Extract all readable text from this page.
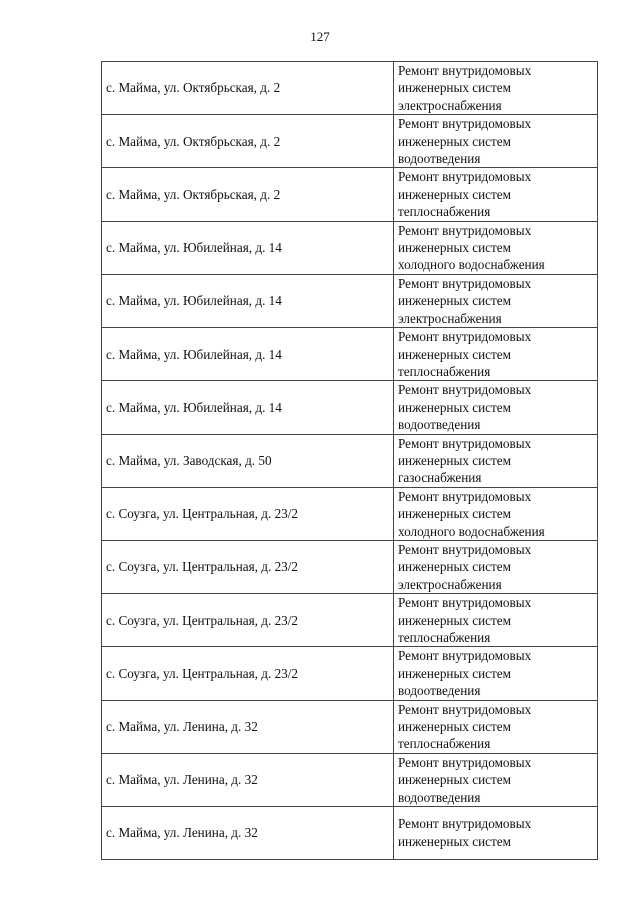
127
с. Майма, ул. Октябрьская, д. 2	Ремонт внутридомовых
инженерных систем
электроснабжения

с. Майма, ул. Октябрьская, д. 2	Ремонт внутридомовых
инженерных систем
водоотведения

с. Майма, ул. Октябрьская, д. 2	Ремонт внутридомовых
инженерных систем
теплоснабжения

с. Майма, ул. Юбилейная, д. 14	Ремонт внутридомовых
инженерных систем
холодного водоснабжения

с. Майма, ул. Юбилейная, д. 14	Ремонт внутридомовых
инженерных систем
электроснабжения

с. Майма, ул. Юбилейная, д. 14	Ремонт внутридомовых
инженерных систем
теплоснабжения

с. Майма, ул. Юбилейная, д. 14	Ремонт внутридомовых
инженерных систем
водоотведения

с. Майма, ул. Заводская, д. 50	Ремонт внутридомовых
инженерных систем
газоснабжения

с. Соузга, ул. Центральная, д. 23/2	Ремонт внутридомовых
инженерных систем
холодного водоснабжения

с. Соузга, ул. Центральная, д. 23/2	Ремонт внутридомовых
инженерных систем
электроснабжения

с. Соузга, ул. Центральная, д. 23/2	Ремонт внутридомовых
инженерных систем
теплоснабжения

с. Соузга, ул. Центральная, д. 23/2	Ремонт внутридомовых
инженерных систем
водоотведения

с. Майма, ул. Ленина, д. 32	Ремонт внутридомовых
инженерных систем
теплоснабжения

с. Майма, ул. Ленина, д. 32	Ремонт внутридомовых
инженерных систем
водоотведения

с. Майма, ул. Ленина, д. 32	Ремонт внутридомовых
инженерных систем
